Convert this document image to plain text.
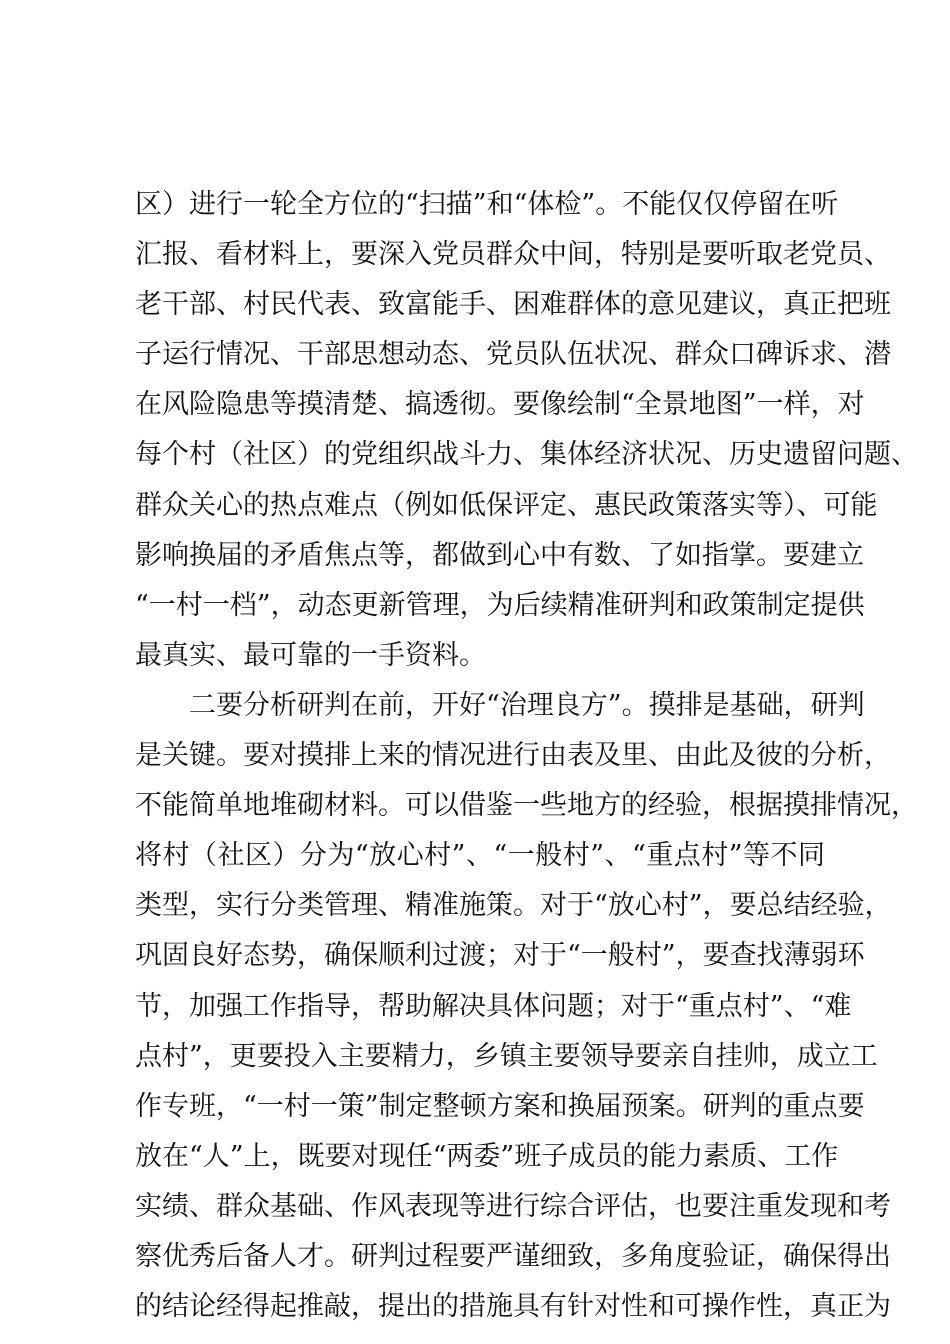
区）进行一轮全方位的“扫描”和“体检”。不能仅仅停留在听
汇报、看材料上，要深入党员群众中间，特别是要听取老党员、
老干部、村民代表、致富能手、困难群体的意见建议，真正把班
子运行情况、干部思想动态、党员队伍状况、群众口碑诉求、潜
在风险隐患等摸清楚、搞透彻。要像绘制“全景地图”一样，对
每个村（社区）的党组织战斗力、集体经济状况、历史遗留问题、
群众关心的热点难点（例如低保评定、惠民政策落实等）、可能
影响换届的矛盾焦点等，都做到心中有数、了如指掌。要建立
“一村一档”，动态更新管理，为后续精准研判和政策制定提供
最真实、最可靠的一手资料。
　　二要分析研判在前，开好“治理良方”。摸排是基础，研判
是关键。要对摸排上来的情况进行由表及里、由此及彼的分析，
不能简单地堆砌材料。可以借鉴一些地方的经验，根据摸排情况，
将村（社区）分为“放心村”、“一般村”、“重点村”等不同
类型，实行分类管理、精准施策。对于“放心村”，要总结经验，
巩固良好态势，确保顺利过渡；对于“一般村”，要查找薄弱环
节，加强工作指导，帮助解决具体问题；对于“重点村”、“难
点村”，更要投入主要精力，乡镇主要领导要亲自挂帅，成立工
作专班，“一村一策”制定整顿方案和换届预案。研判的重点要
放在“人”上，既要对现任“两委”班子成员的能力素质、工作
实绩、群众基础、作风表现等进行综合评估，也要注重发现和考
察优秀后备人才。研判过程要严谨细致，多角度验证，确保得出
的结论经得起推敲，提出的措施具有针对性和可操作性，真正为
